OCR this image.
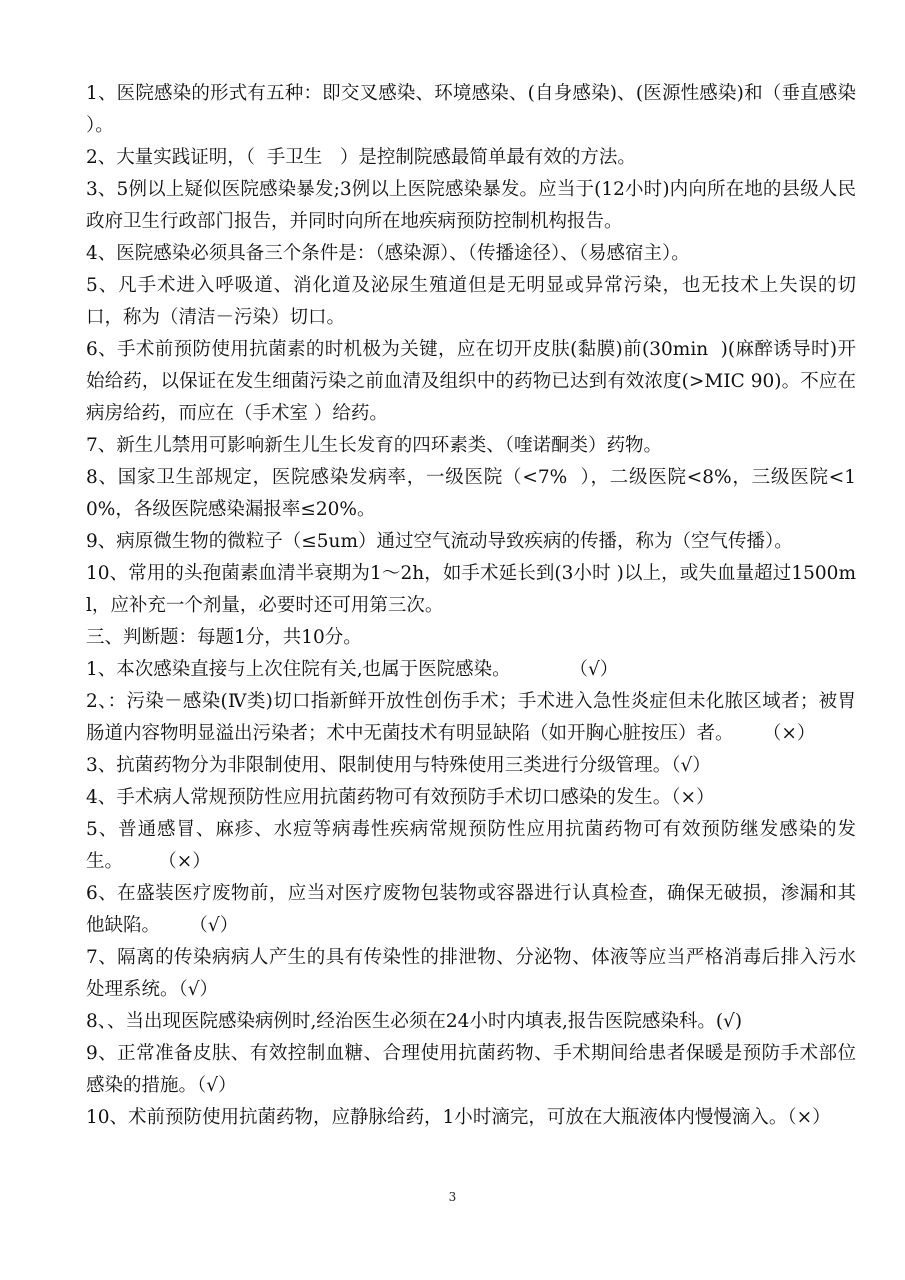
1、医院感染的形式有五种：即交叉感染、环境感染、(自身感染)、(医源性感染)和（垂直感染 ）。

2、大量实践证明，（  手卫生   ）是控制院感最简单最有效的方法。

3、5例以上疑似医院感染暴发;3例以上医院感染暴发。应当于(12小时)内向所在地的县级人民政府卫生行政部门报告，并同时向所在地疾病预防控制机构报告。

4、医院感染必须具备三个条件是：（感染源）、（传播途径）、（易感宿主）。

5、凡手术进入呼吸道、消化道及泌尿生殖道但是无明显或异常污染，也无技术上失误的切口，称为（清洁－污染）切口。

6、手术前预防使用抗菌素的时机极为关键，应在切开皮肤(黏膜)前(30min  )(麻醉诱导时)开始给药，以保证在发生细菌污染之前血清及组织中的药物已达到有效浓度(>MIC 90)。不应在病房给药，而应在（手术室 ）给药。

7、新生儿禁用可影响新生儿生长发育的四环素类、（喹诺酮类）药物。

8、国家卫生部规定，医院感染发病率，一级医院（<7%  ），二级医院<8%，三级医院<10%，各级医院感染漏报率≤20%。

9、病原微生物的微粒子（≤5um）通过空气流动导致疾病的传播，称为（空气传播）。

10、常用的头孢菌素血清半衰期为1～2h，如手术延长到(3小时 )以上，或失血量超过1500ml，应补充一个剂量，必要时还可用第三次。

三、判断题：每题1分，共10分。

1、本次感染直接与上次住院有关,也属于医院感染。          （√）

2、：污染－感染(Ⅳ类)切口指新鲜开放性创伤手术；手术进入急性炎症但未化脓区域者；被胃肠道内容物明显溢出污染者；术中无菌技术有明显缺陷（如开胸心脏按压）者。     （×）

3、抗菌药物分为非限制使用、限制使用与特殊使用三类进行分级管理。（√）

4、手术病人常规预防性应用抗菌药物可有效预防手术切口感染的发生。（×）

5、普通感冒、麻疹、水痘等病毒性疾病常规预防性应用抗菌药物可有效预防继发感染的发生。      （×）

6、在盛装医疗废物前，应当对医疗废物包装物或容器进行认真检查，确保无破损，渗漏和其他缺陷。     （√）

7、隔离的传染病病人产生的具有传染性的排泄物、分泌物、体液等应当严格消毒后排入污水处理系统。（√）

8、、当出现医院感染病例时,经治医生必须在24小时内填表,报告医院感染科。(√)

9、正常准备皮肤、有效控制血糖、合理使用抗菌药物、手术期间给患者保暖是预防手术部位感染的措施。（√）

10、术前预防使用抗菌药物，应静脉给药，1小时滴完，可放在大瓶液体内慢慢滴入。（×）

3
